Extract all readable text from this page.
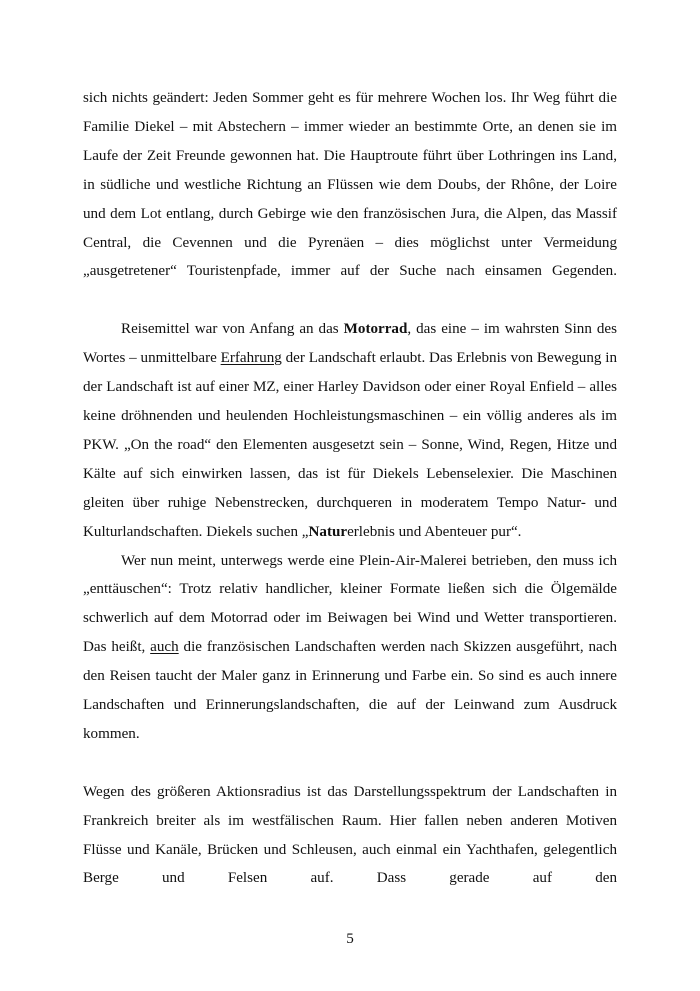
sich nichts geändert: Jeden Sommer geht es für mehrere Wochen los. Ihr Weg führt die Familie Diekel – mit Abstechern – immer wieder an bestimmte Orte, an denen sie im Laufe der Zeit Freunde gewonnen hat. Die Hauptroute führt über Lothringen ins Land, in südliche und westliche Richtung an Flüssen wie dem Doubs, der Rhône, der Loire und dem Lot entlang, durch Gebirge wie den französischen Jura, die Alpen, das Massif Central, die Cevennen und die Pyrenäen – dies möglichst unter Vermeidung „ausgetretener“ Touristenpfade, immer auf der Suche nach einsamen Gegenden.

Reisemittel war von Anfang an das Motorrad, das eine – im wahrsten Sinn des Wortes – unmittelbare Erfahrung der Landschaft erlaubt. Das Erlebnis von Bewegung in der Landschaft ist auf einer MZ, einer Harley Davidson oder einer Royal Enfield – alles keine dröhnenden und heulenden Hochleistungsmaschinen – ein völlig anderes als im PKW. „On the road“ den Elementen ausgesetzt sein – Sonne, Wind, Regen, Hitze und Kälte auf sich einwirken lassen, das ist für Diekels Lebenselexier. Die Maschinen gleiten über ruhige Nebenstrecken, durchqueren in moderatem Tempo Natur- und Kulturlandschaften. Diekels suchen „Naturerlebnis und Abenteuer pur“.

Wer nun meint, unterwegs werde eine Plein-Air-Malerei betrieben, den muss ich „enttäuschen“: Trotz relativ handlicher, kleiner Formate ließen sich die Ölgemälde schwerlich auf dem Motorrad oder im Beiwagen bei Wind und Wetter transportieren. Das heißt, auch die französischen Landschaften werden nach Skizzen ausgeführt, nach den Reisen taucht der Maler ganz in Erinnerung und Farbe ein. So sind es auch innere Landschaften und Erinnerungslandschaften, die auf der Leinwand zum Ausdruck kommen.

Wegen des größeren Aktionsradius ist das Darstellungsspektrum der Landschaften in Frankreich breiter als im westfälischen Raum. Hier fallen neben anderen Motiven Flüsse und Kanäle, Brücken und Schleusen, auch einmal ein Yachthafen, gelegentlich Berge und Felsen auf. Dass gerade auf den

5
